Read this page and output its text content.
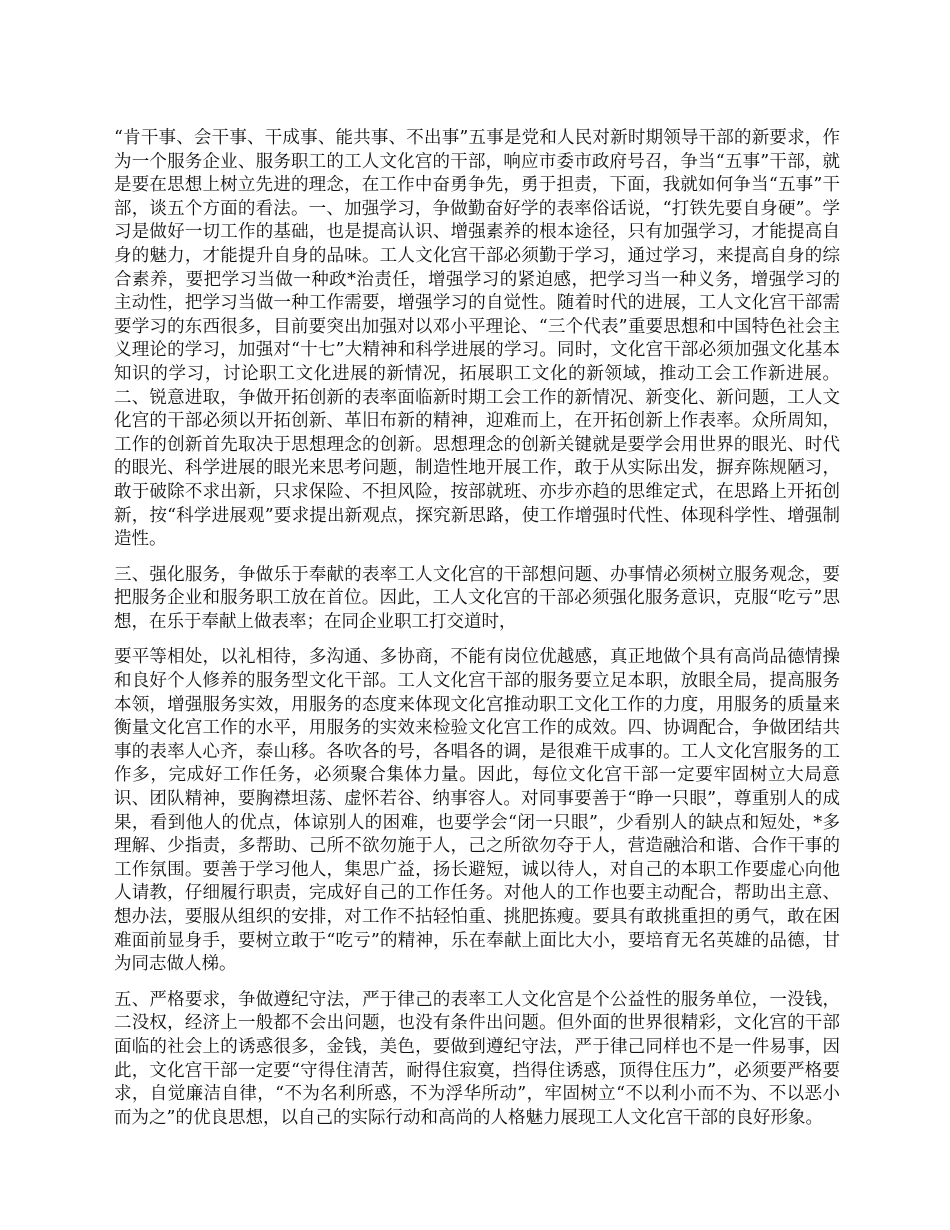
“肯干事、会干事、干成事、能共事、不出事”五事是党和人民对新时期领导干部的新要求，作为一个服务企业、服务职工的工人文化宫的干部，响应市委市政府号召，争当“五事”干部，就是要在思想上树立先进的理念，在工作中奋勇争先，勇于担责，下面，我就如何争当“五事”干部，谈五个方面的看法。一、加强学习，争做勤奋好学的表率俗话说，“打铁先要自身硬”。学习是做好一切工作的基础，也是提高认识、增强素养的根本途径，只有加强学习，才能提高自身的魅力，才能提升自身的品味。工人文化宫干部必须勤于学习，通过学习，来提高自身的综合素养，要把学习当做一种政*治责任，增强学习的紧迫感，把学习当一种义务，增强学习的主动性，把学习当做一种工作需要，增强学习的自觉性。随着时代的进展，工人文化宫干部需要学习的东西很多，目前要突出加强对以邓小平理论、“三个代表”重要思想和中国特色社会主义理论的学习，加强对“十七”大精神和科学进展的学习。同时，文化宫干部必须加强文化基本知识的学习，讨论职工文化进展的新情况，拓展职工文化的新领域，推动工会工作新进展。 二、锐意进取，争做开拓创新的表率面临新时期工会工作的新情况、新变化、新问题，工人文化宫的干部必须以开拓创新、革旧布新的精神，迎难而上，在开拓创新上作表率。众所周知，工作的创新首先取决于思想理念的创新。思想理念的创新关键就是要学会用世界的眼光、时代的眼光、科学进展的眼光来思考问题，制造性地开展工作，敢于从实际出发，摒弃陈规陋习，敢于破除不求出新，只求保险、不担风险，按部就班、亦步亦趋的思维定式，在思路上开拓创新，按“科学进展观”要求提出新观点，探究新思路，使工作增强时代性、体现科学性、增强制造性。

三、强化服务，争做乐于奉献的表率工人文化宫的干部想问题、办事情必须树立服务观念，要把服务企业和服务职工放在首位。因此，工人文化宫的干部必须强化服务意识，克服“吃亏”思想，在乐于奉献上做表率；在同企业职工打交道时，

要平等相处，以礼相待，多沟通、多协商，不能有岗位优越感，真正地做个具有高尚品德情操和良好个人修养的服务型文化干部。工人文化宫干部的服务要立足本职，放眼全局，提高服务本领，增强服务实效，用服务的态度来体现文化宫推动职工文化工作的力度，用服务的质量来衡量文化宫工作的水平，用服务的实效来检验文化宫工作的成效。四、协调配合，争做团结共事的表率人心齐，泰山移。各吹各的号，各唱各的调，是很难干成事的。工人文化宫服务的工作多，完成好工作任务，必须聚合集体力量。因此，每位文化宫干部一定要牢固树立大局意识、团队精神，要胸襟坦荡、虚怀若谷、纳事容人。对同事要善于“睁一只眼”，尊重别人的成果，看到他人的优点，体谅别人的困难，也要学会“闭一只眼”，少看别人的缺点和短处，*多理解、少指责，多帮助、己所不欲勿施于人，己之所欲勿夺于人，营造融洽和谐、合作干事的工作氛围。要善于学习他人，集思广益，扬长避短，诚以待人，对自己的本职工作要虚心向他人请教，仔细履行职责，完成好自己的工作任务。对他人的工作也要主动配合，帮助出主意、想办法，要服从组织的安排，对工作不拈轻怕重、挑肥拣瘦。要具有敢挑重担的勇气，敢在困难面前显身手，要树立敢于“吃亏”的精神，乐在奉献上面比大小，要培育无名英雄的品德，甘为同志做人梯。

五、严格要求，争做遵纪守法，严于律己的表率工人文化宫是个公益性的服务单位，一没钱，二没权，经济上一般都不会出问题，也没有条件出问题。但外面的世界很精彩，文化宫的干部面临的社会上的诱惑很多，金钱，美色，要做到遵纪守法，严于律己同样也不是一件易事，因此，文化宫干部一定要“守得住清苦，耐得住寂寞，挡得住诱惑，顶得住压力”，必须要严格要求，自觉廉洁自律，“不为名利所惑，不为浮华所动”，牢固树立“不以利小而不为、不以恶小而为之”的优良思想，以自己的实际行动和高尚的人格魅力展现工人文化宫干部的良好形象。
